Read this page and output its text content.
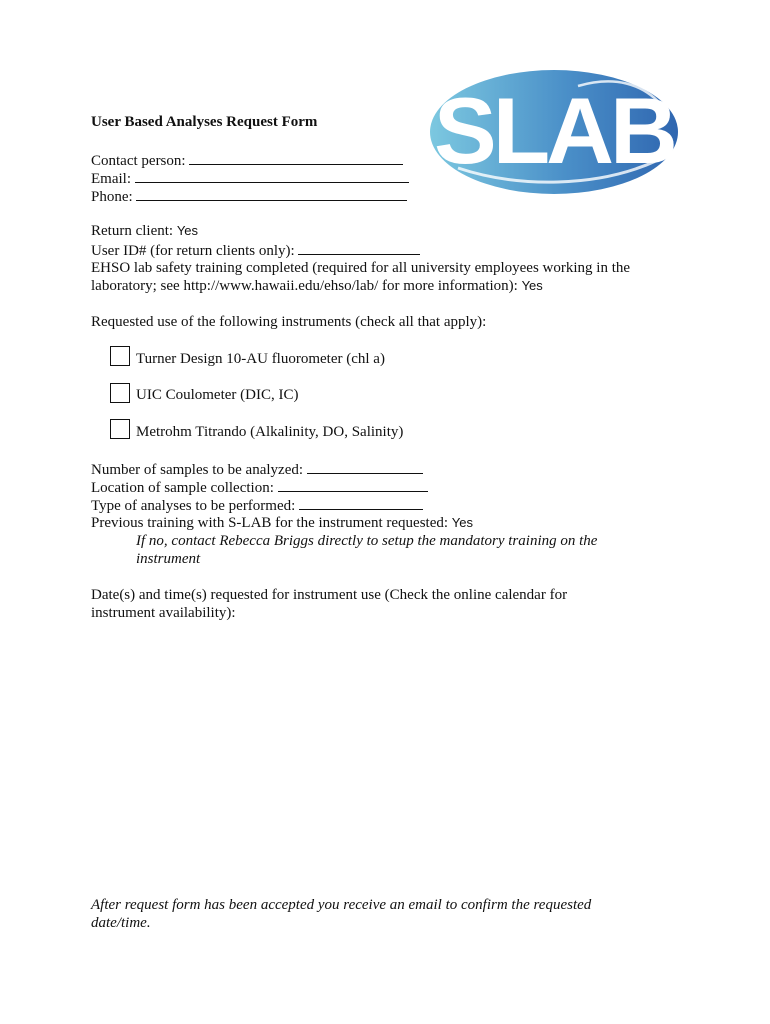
SLAB
User Based Analyses Request Form
Contact person:
Email:
Phone:
Return client: Yes
User ID# (for return clients only):
EHSO lab safety training completed (required for all university employees working in the
laboratory; see http://www.hawaii.edu/ehso/lab/ for more information): Yes
Requested use of the following instruments (check all that apply):
Turner Design 10-AU fluorometer (chl a)
UIC Coulometer (DIC, IC)
Metrohm Titrando (Alkalinity, DO, Salinity)
Number of samples to be analyzed:
Location of sample collection:
Type of analyses to be performed:
Previous training with S-LAB for the instrument requested: Yes
If no, contact Rebecca Briggs directly to setup the mandatory training on the
instrument
Date(s) and time(s) requested for instrument use (Check the online calendar for
instrument availability):
After request form has been accepted you receive an email to confirm the requested
date/time.
